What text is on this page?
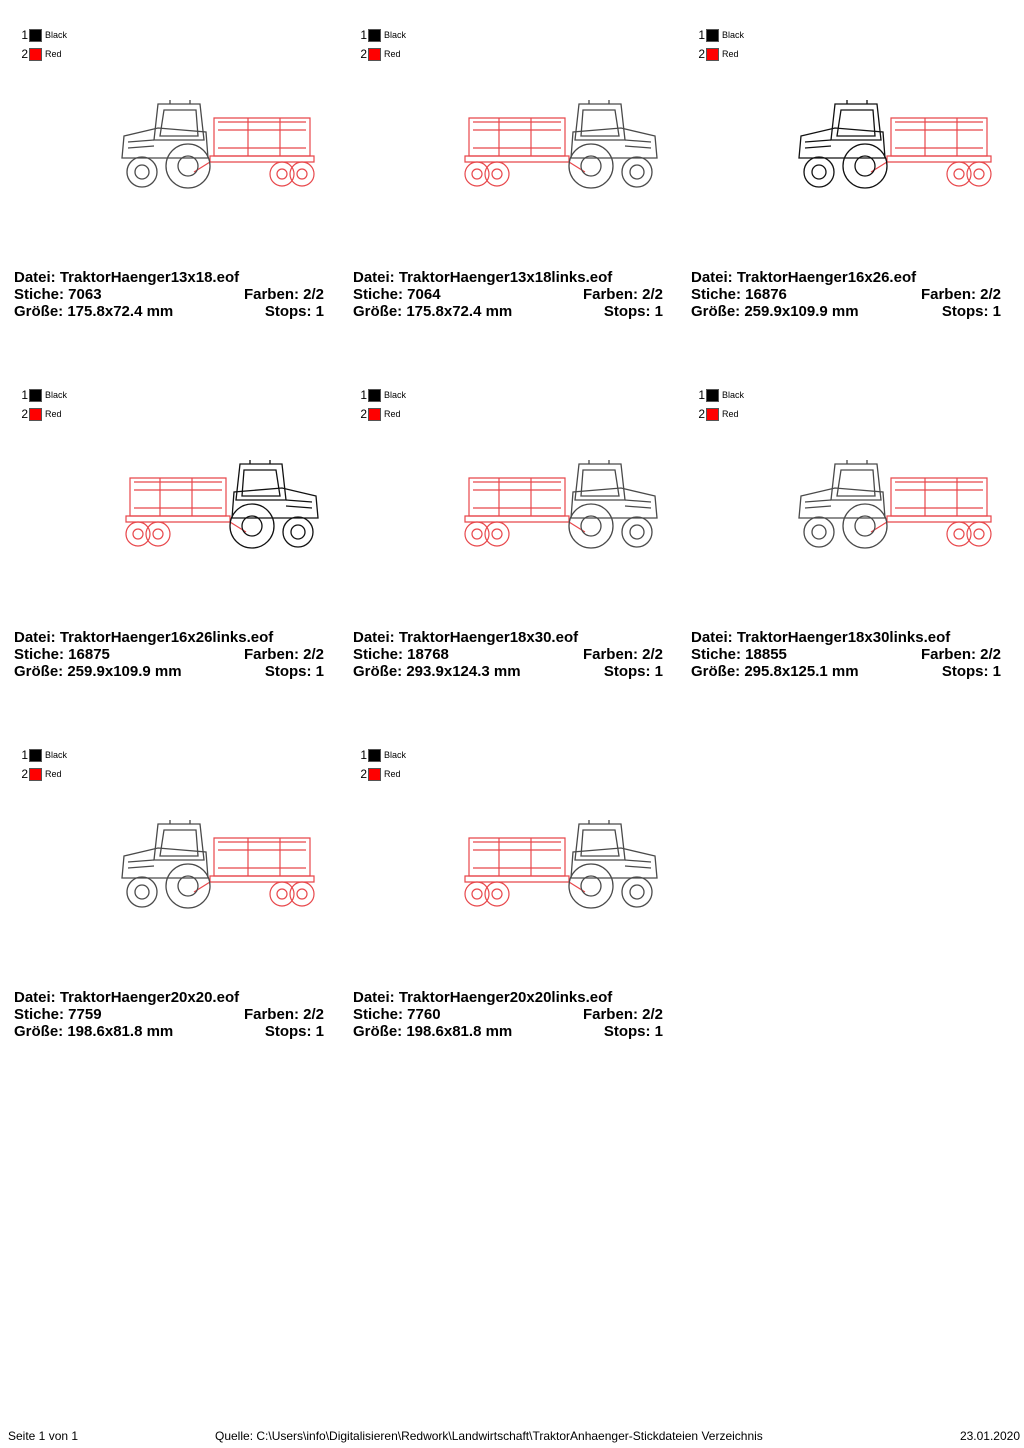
1 Black
2 Red
Datei: TraktorHaenger13x18.eof
Stiche: 7063	Farben: 2/2
Größe: 175.8x72.4 mm	Stops: 1
1 Black
2 Red
Datei: TraktorHaenger13x18links.eof
Stiche: 7064	Farben: 2/2
Größe: 175.8x72.4 mm	Stops: 1
1 Black
2 Red
Datei: TraktorHaenger16x26.eof
Stiche: 16876	Farben: 2/2
Größe: 259.9x109.9 mm	Stops: 1
1 Black
2 Red
Datei: TraktorHaenger16x26links.eof
Stiche: 16875	Farben: 2/2
Größe: 259.9x109.9 mm	Stops: 1
1 Black
2 Red
Datei: TraktorHaenger18x30.eof
Stiche: 18768	Farben: 2/2
Größe: 293.9x124.3 mm	Stops: 1
1 Black
2 Red
Datei: TraktorHaenger18x30links.eof
Stiche: 18855	Farben: 2/2
Größe: 295.8x125.1 mm	Stops: 1
1 Black
2 Red
Datei: TraktorHaenger20x20.eof
Stiche: 7759	Farben: 2/2
Größe: 198.6x81.8 mm	Stops: 1
1 Black
2 Red
Datei: TraktorHaenger20x20links.eof
Stiche: 7760	Farben: 2/2
Größe: 198.6x81.8 mm	Stops: 1
Seite 1 von 1	Quelle: C:\Users\info\Digitalisieren\Redwork\Landwirtschaft\TraktorAnhaenger-Stickdateien Verzeichnis	23.01.2020
